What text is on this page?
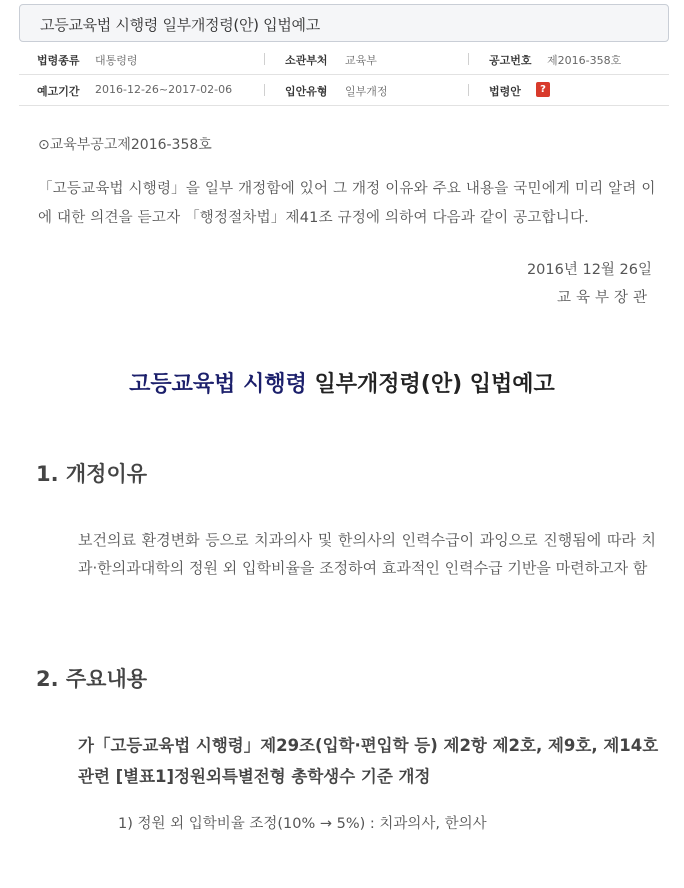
고등교육법 시행령 일부개정령(안) 입법예고
법령종류 대통령령	소관부처 교육부	공고번호 제2016-358호
예고기간 2016-12-26~2017-02-06	입안유형 일부개정	법령안	?
⊙교육부공고제2016-358호
「고등교육법 시행령」을 일부 개정함에 있어 그 개정 이유와 주요 내용을 국민에게 미리 알려 이에 대한 의견을 듣고자 「행정절차법」제41조 규정에 의하여 다음과 같이 공고합니다.
2016년 12월 26일
교육부장관
고등교육법 시행령 일부개정령(안) 입법예고
1. 개정이유
보건의료 환경변화 등으로 치과의사 및 한의사의 인력수급이 과잉으로 진행됨에 따라 치과·한의과대학의 정원 외 입학비율을 조정하여 효과적인 인력수급 기반을 마련하고자 함
2. 주요내용
가「고등교육법 시행령」제29조(입학·편입학 등) 제2항 제2호, 제9호, 제14호 관련 [별표1]정원외특별전형 총학생수 기준 개정
1) 정원 외 입학비율 조정(10% → 5%) : 치과의사, 한의사
